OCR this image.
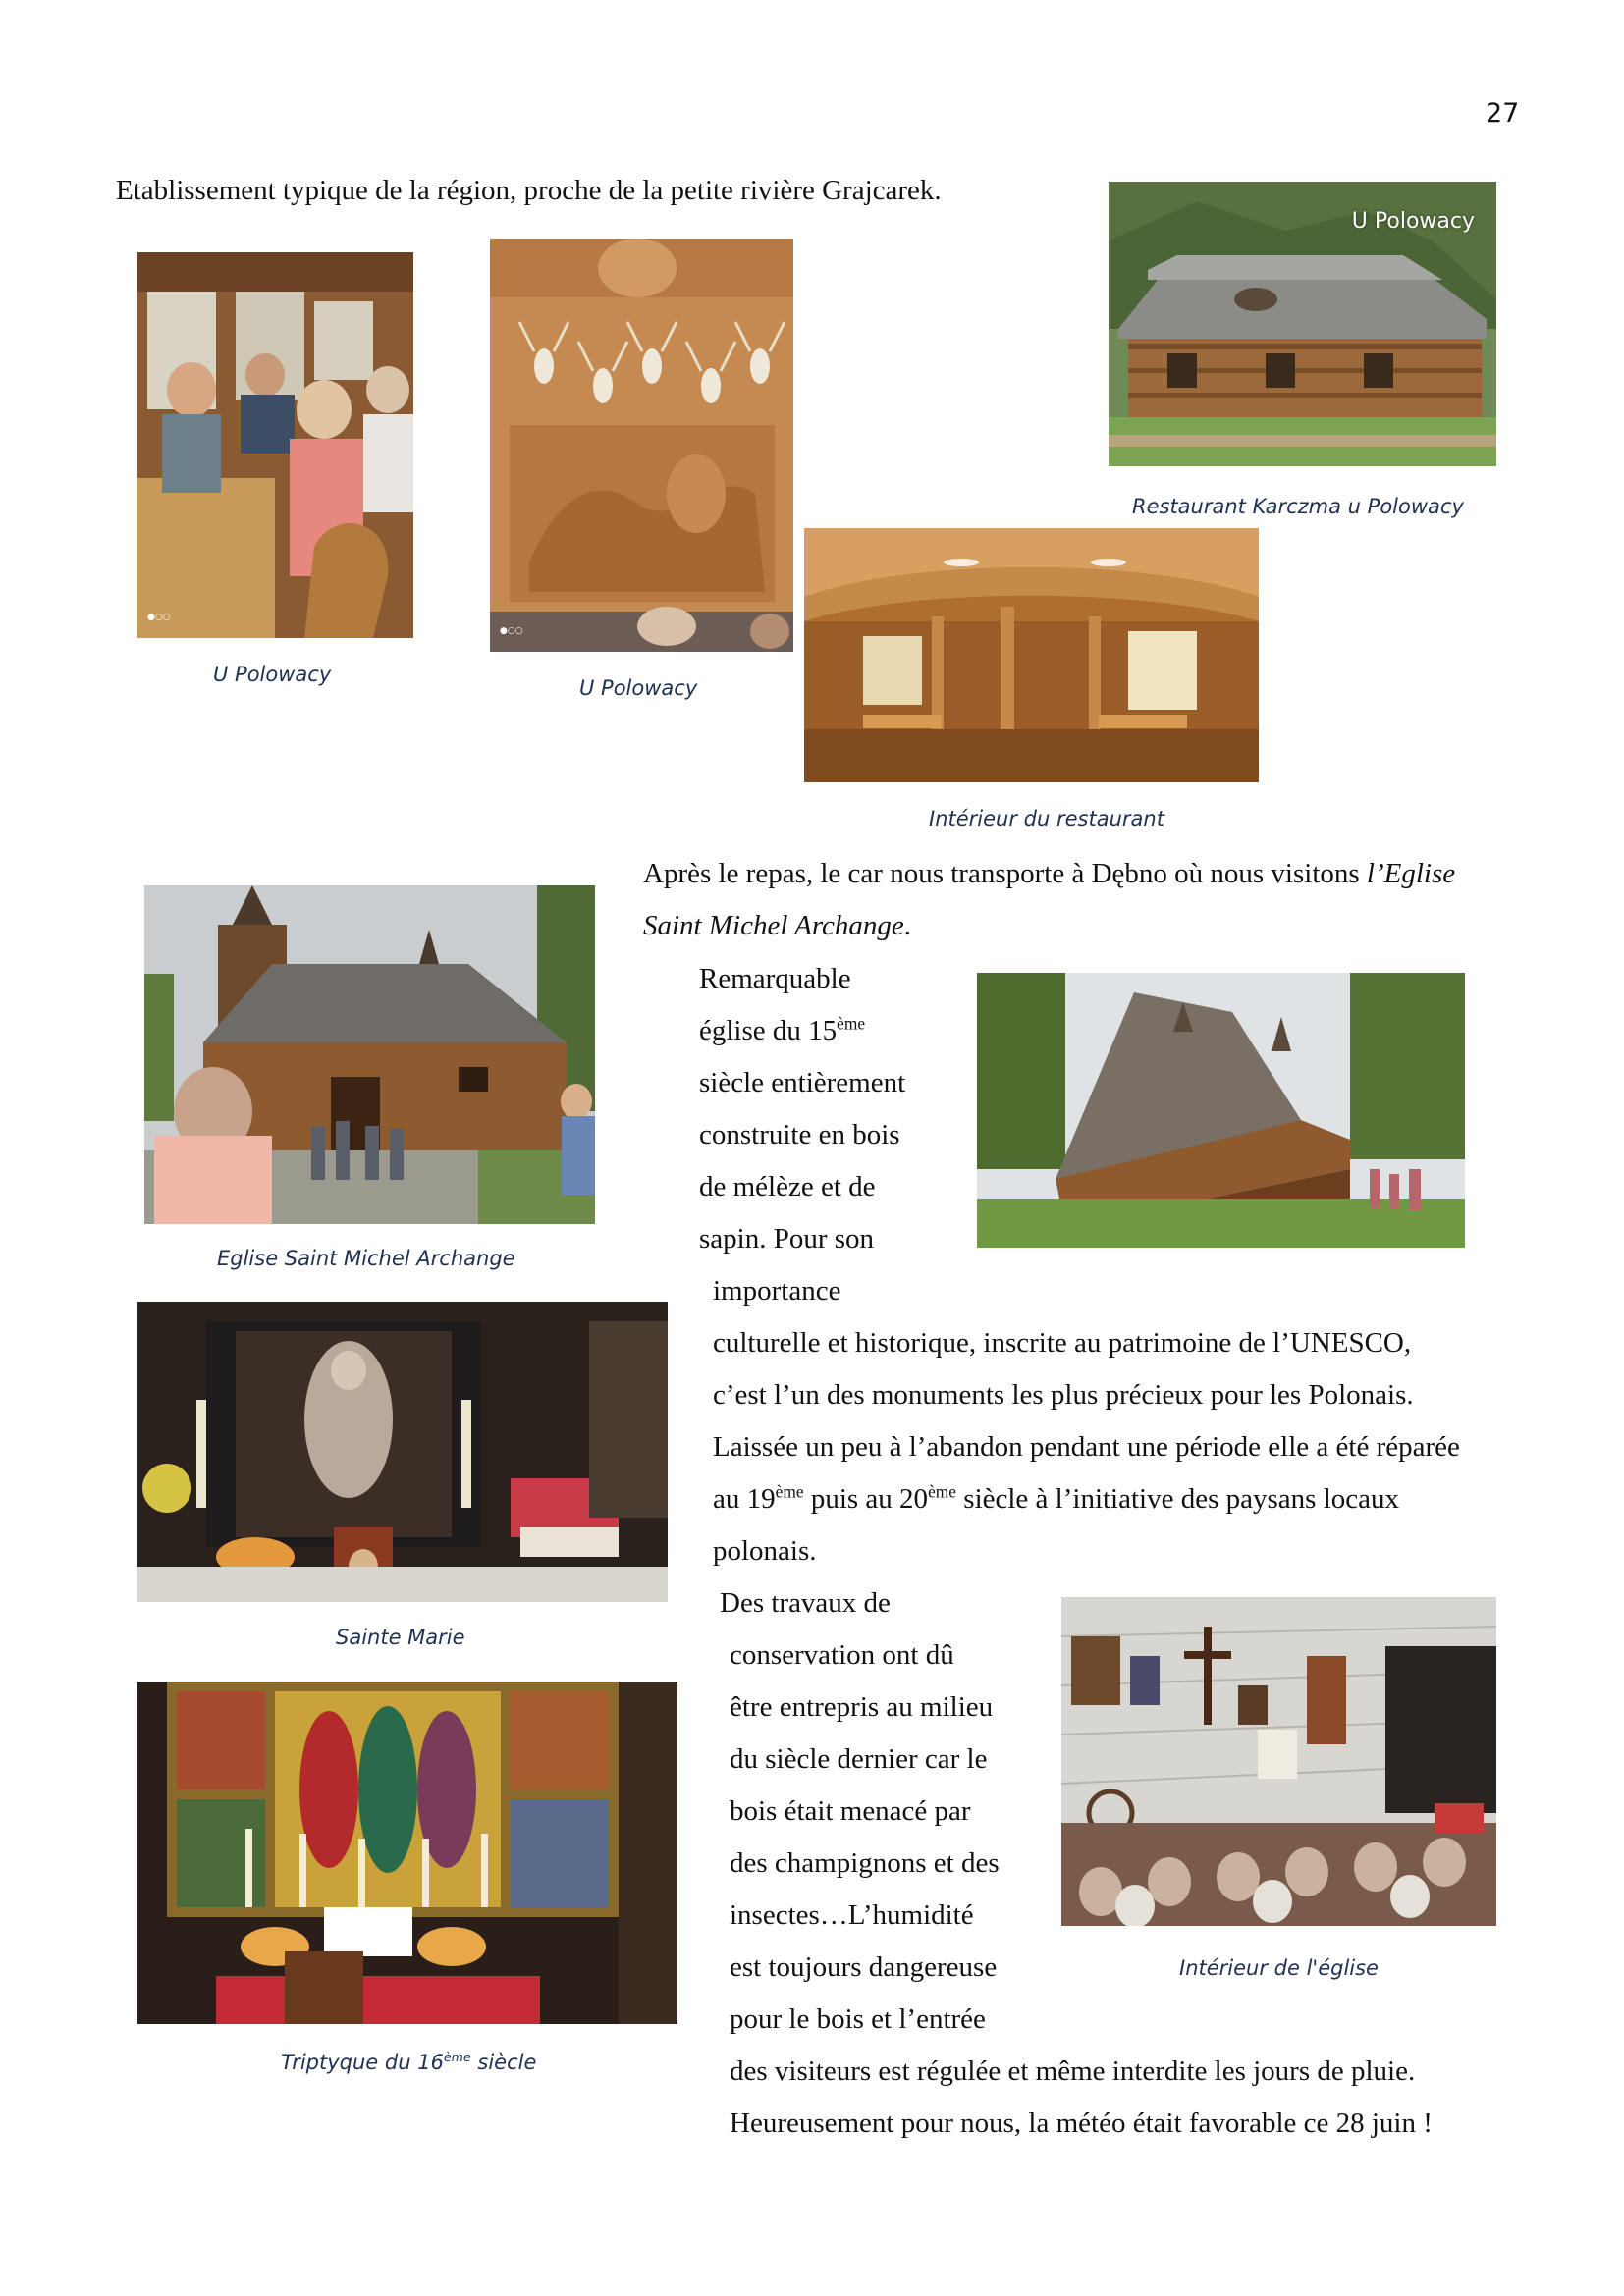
27
Etablissement typique de la région, proche de la petite rivière Grajcarek.
U Polowacy
Restaurant Karczma u Polowacy
●○○
U Polowacy
●○○
U Polowacy
Intérieur du restaurant
Après le repas, le car nous transporte à Dębno où nous visitons l’Eglise
Saint Michel Archange.
Eglise Saint Michel Archange
Remarquable
église du 15ème
siècle entièrement
construite en bois
de mélèze et de
sapin. Pour son
importance
culturelle et historique, inscrite au patrimoine de l’UNESCO,
c’est l’un des monuments les plus précieux pour les Polonais.
Laissée un peu à l’abandon pendant une période elle a été réparée
au 19ème puis au 20ème siècle à l’initiative des paysans locaux
polonais.
Sainte Marie
Des travaux de
conservation ont dû
être entrepris au milieu
du siècle dernier car le
bois était menacé par
des champignons et des
insectes…L’humidité
est toujours dangereuse
pour le bois et l’entrée
des visiteurs est régulée et même interdite les jours de pluie.
Heureusement pour nous, la météo était favorable ce 28 juin !
Intérieur de l'église
Triptyque du 16ème siècle
